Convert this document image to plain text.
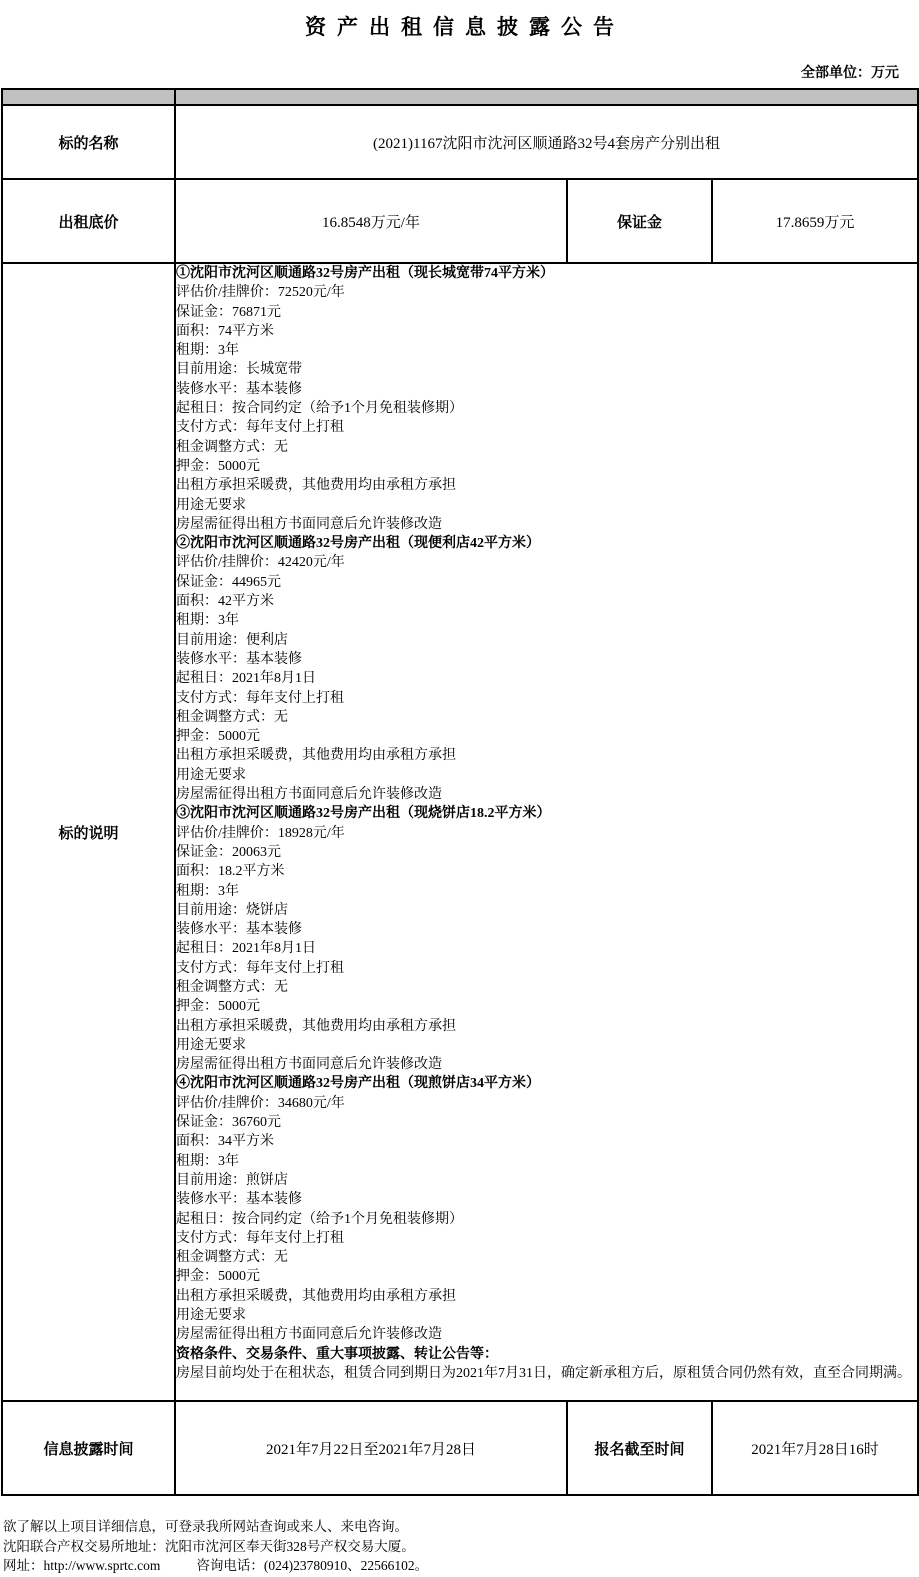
资产出租信息披露公告
全部单位：万元

标的名称	(2021)1167沈阳市沈河区顺通路32号4套房产分别出租		
出租底价	16.8548万元/年	保证金	17.8659万元
标的说明	
①沈阳市沈河区顺通路32号房产出租（现长城宽带74平方米）
评估价/挂牌价：72520元/年
保证金：76871元
面积：74平方米
租期：3年
目前用途：长城宽带
装修水平：基本装修
起租日：按合同约定（给予1个月免租装修期）
支付方式：每年支付上打租
租金调整方式：无
押金：5000元
出租方承担采暖费，其他费用均由承租方承担
用途无要求
房屋需征得出租方书面同意后允许装修改造
②沈阳市沈河区顺通路32号房产出租（现便利店42平方米）
评估价/挂牌价：42420元/年
保证金：44965元
面积：42平方米
租期：3年
目前用途：便利店
装修水平：基本装修
起租日：2021年8月1日
支付方式：每年支付上打租
租金调整方式：无
押金：5000元
出租方承担采暖费，其他费用均由承租方承担
用途无要求
房屋需征得出租方书面同意后允许装修改造
③沈阳市沈河区顺通路32号房产出租（现烧饼店18.2平方米）
评估价/挂牌价：18928元/年
保证金：20063元
面积：18.2平方米
租期：3年
目前用途：烧饼店
装修水平：基本装修
起租日：2021年8月1日
支付方式：每年支付上打租
租金调整方式：无
押金：5000元
出租方承担采暖费，其他费用均由承租方承担
用途无要求
房屋需征得出租方书面同意后允许装修改造
④沈阳市沈河区顺通路32号房产出租（现煎饼店34平方米）
评估价/挂牌价：34680元/年
保证金：36760元
面积：34平方米
租期：3年
目前用途：煎饼店
装修水平：基本装修
起租日：按合同约定（给予1个月免租装修期）
支付方式：每年支付上打租
租金调整方式：无
押金：5000元
出租方承担采暖费，其他费用均由承租方承担
用途无要求
房屋需征得出租方书面同意后允许装修改造
资格条件、交易条件、重大事项披露、转让公告等：
房屋目前均处于在租状态，租赁合同到期日为2021年7月31日，确定新承租方后，原租赁合同仍然有效，直至合同期满。

信息披露时间	2021年7月22日至2021年7月28日	报名截至时间	2021年7月28日16时
欲了解以上项目详细信息，可登录我所网站查询或来人、来电咨询。
沈阳联合产权交易所地址：沈阳市沈河区奉天街328号产权交易大厦。
网址：http://www.sprtc.com	咨询电话：(024)23780910、22566102。
